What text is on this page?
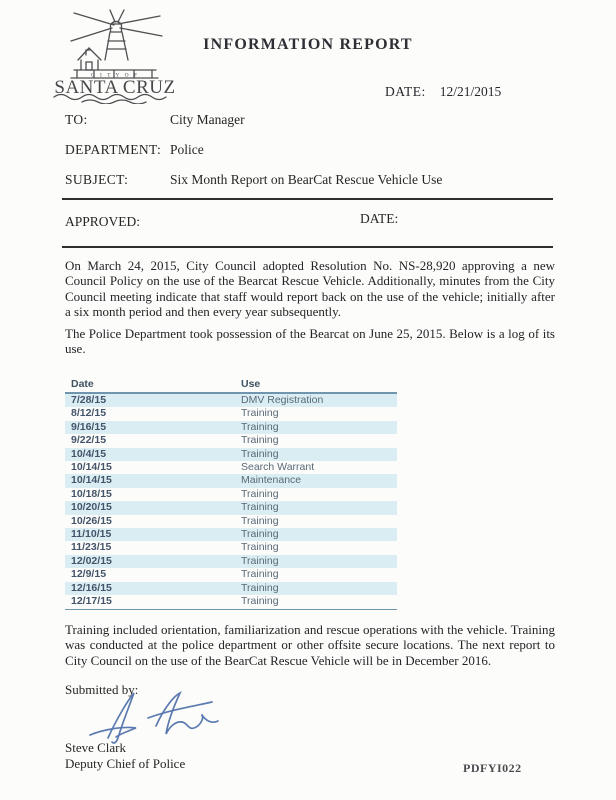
C I T Y O F
SANTA CRUZ
INFORMATION REPORT
DATE: 12/21/2015
TO:	City Manager
DEPARTMENT: Police
SUBJECT:	Six Month Report on BearCat Rescue Vehicle Use
APPROVED:	DATE:
On March 24, 2015, City Council adopted Resolution No. NS-28,920 approving a new Council Policy on the use of the Bearcat Rescue Vehicle. Additionally, minutes from the City Council meeting indicate that staff would report back on the use of the vehicle; initially after a six month period and then every year subsequently.
The Police Department took possession of the Bearcat on June 25, 2015. Below is a log of its use.
Date	Use
7/28/15	DMV Registration
8/12/15	Training
9/16/15	Training
9/22/15	Training
10/4/15	Training
10/14/15	Search Warrant
10/14/15	Maintenance
10/18/15	Training
10/20/15	Training
10/26/15	Training
11/10/15	Training
11/23/15	Training
12/02/15	Training
12/9/15	Training
12/16/15	Training
12/17/15	Training
Training included orientation, familiarization and rescue operations with the vehicle. Training was conducted at the police department or other offsite secure locations. The next report to City Council on the use of the BearCat Rescue Vehicle will be in December 2016.
Submitted by:
Steve Clark
Deputy Chief of Police	PDFYI022
